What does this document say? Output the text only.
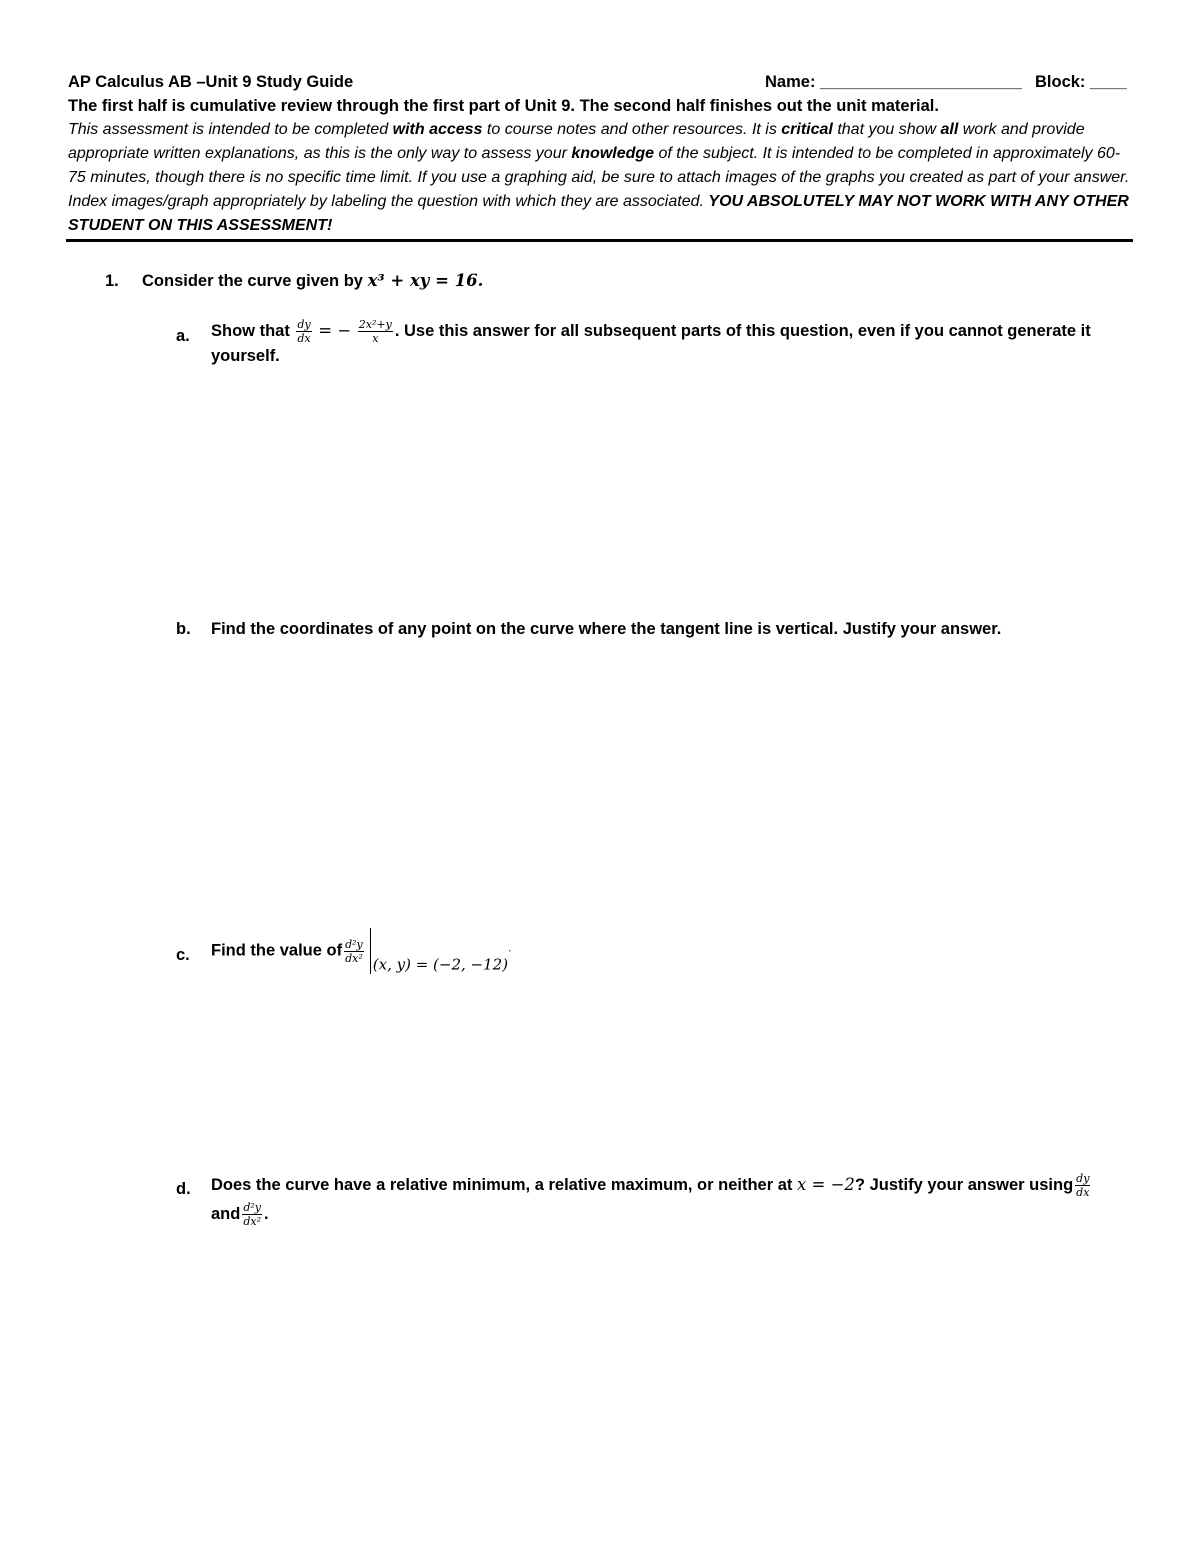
AP Calculus AB –Unit 9 Study Guide	Name: ______________________ Block: ____
The first half is cumulative review through the first part of Unit 9. The second half finishes out the unit material.
This assessment is intended to be completed with access to course notes and other resources. It is critical that you show all work and provide appropriate written explanations, as this is the only way to assess your knowledge of the subject. It is intended to be completed in approximately 60-75 minutes, though there is no specific time limit. If you use a graphing aid, be sure to attach images of the graphs you created as part of your answer. Index images/graph appropriately by labeling the question with which they are associated. YOU ABSOLUTELY MAY NOT WORK WITH ANY OTHER STUDENT ON THIS ASSESSMENT!
1. Consider the curve given by x³ + xy = 16.
a. Show that $\frac{dy}{dx}$ = − $\frac{\text{2x²+y}}{x}$ . Use this answer for all subsequent parts of this question, even if you cannot generate it yourself.
b. Find the coordinates of any point on the curve where the tangent line is vertical. Justify your answer.
c. Find the value of $\frac{\text{d²y}}{\text{dx²}} (x$, y) = (−2, −12).
d. Does the curve have a relative minimum, a relative maximum, or neither at x = −2? Justify your answer using $\frac{dy}{dx}$
and $\frac{\text{d²y}}{\text{dx²}}$ .
